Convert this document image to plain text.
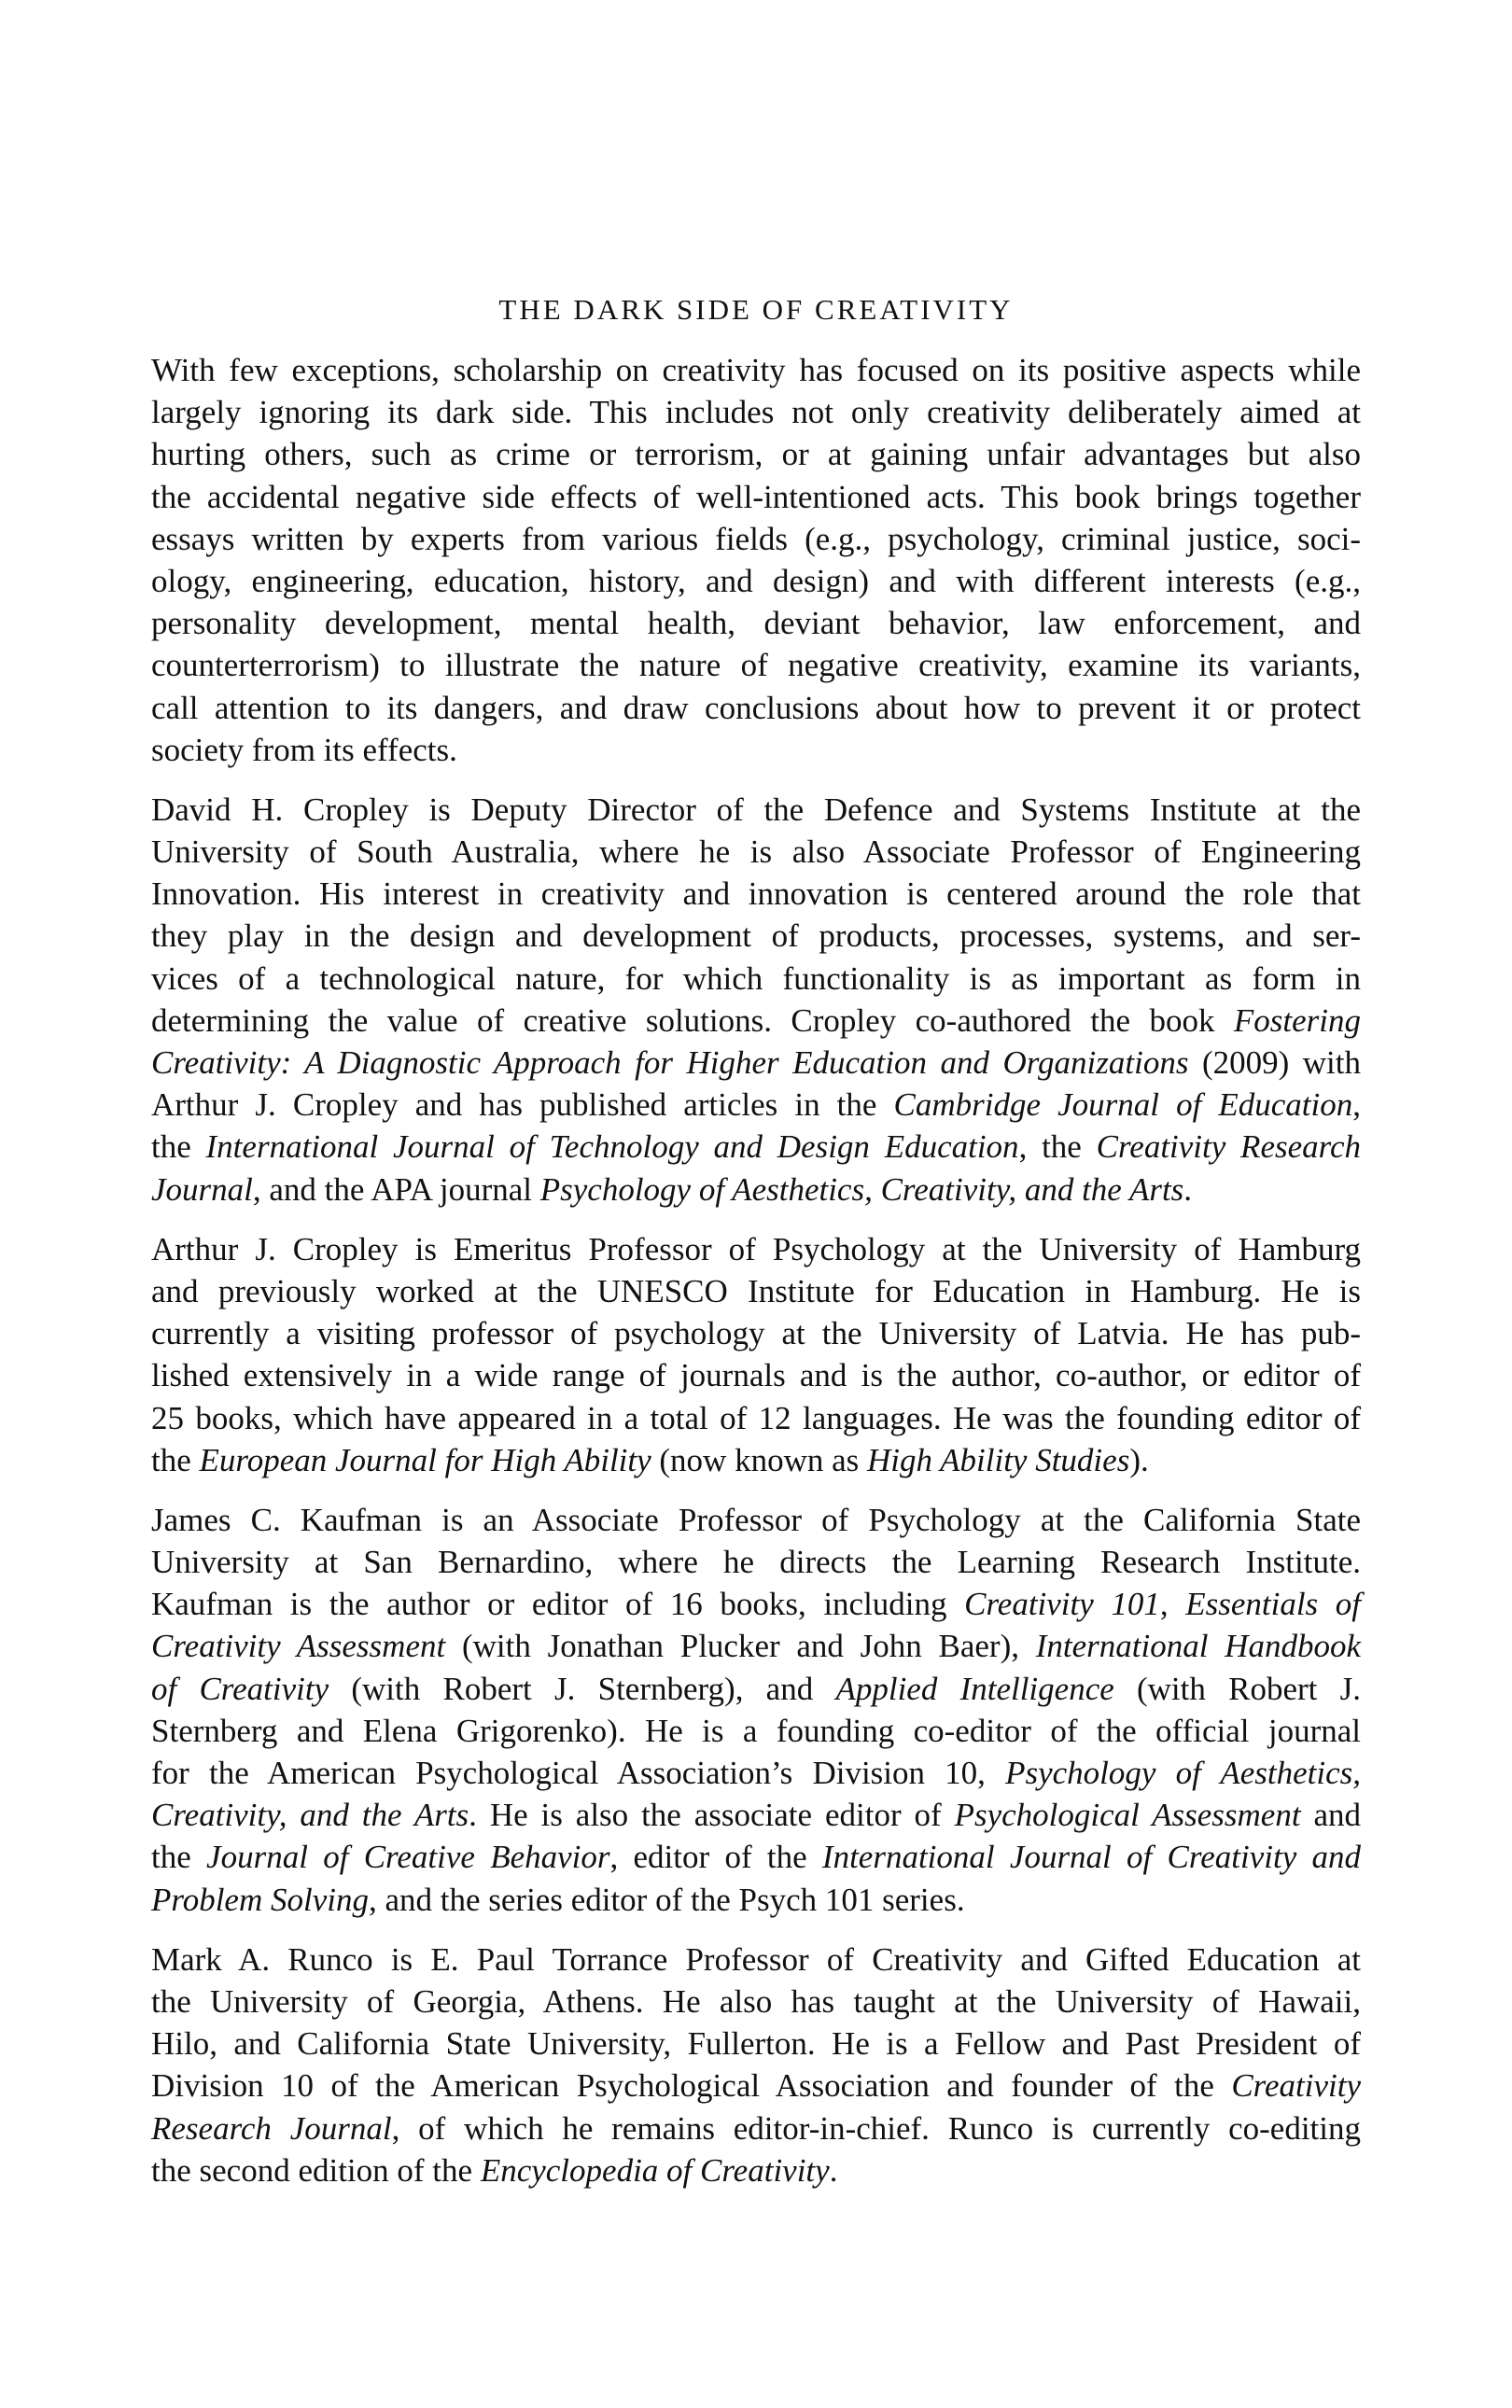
THE DARK SIDE OF CREATIVITY
With few exceptions, scholarship on creativity has focused on its positive aspects while
largely ignoring its dark side. This includes not only creativity deliberately aimed at
hurting others, such as crime or terrorism, or at gaining unfair advantages but also
the accidental negative side effects of well-intentioned acts. This book brings together
essays written by experts from various fields (e.g., psychology, criminal justice, soci-
ology, engineering, education, history, and design) and with different interests (e.g.,
personality development, mental health, deviant behavior, law enforcement, and
counterterrorism) to illustrate the nature of negative creativity, examine its variants,
call attention to its dangers, and draw conclusions about how to prevent it or protect
society from its effects.
David H. Cropley is Deputy Director of the Defence and Systems Institute at the
University of South Australia, where he is also Associate Professor of Engineering
Innovation. His interest in creativity and innovation is centered around the role that
they play in the design and development of products, processes, systems, and ser-
vices of a technological nature, for which functionality is as important as form in
determining the value of creative solutions. Cropley co-authored the book Fostering
Creativity: A Diagnostic Approach for Higher Education and Organizations (2009) with
Arthur J. Cropley and has published articles in the Cambridge Journal of Education,
the International Journal of Technology and Design Education, the Creativity Research
Journal, and the APA journal Psychology of Aesthetics, Creativity, and the Arts.
Arthur J. Cropley is Emeritus Professor of Psychology at the University of Hamburg
and previously worked at the UNESCO Institute for Education in Hamburg. He is
currently a visiting professor of psychology at the University of Latvia. He has pub-
lished extensively in a wide range of journals and is the author, co-author, or editor of
25 books, which have appeared in a total of 12 languages. He was the founding editor of
the European Journal for High Ability (now known as High Ability Studies).
James C. Kaufman is an Associate Professor of Psychology at the California State
University at San Bernardino, where he directs the Learning Research Institute.
Kaufman is the author or editor of 16 books, including Creativity 101, Essentials of
Creativity Assessment (with Jonathan Plucker and John Baer), International Handbook
of Creativity (with Robert J. Sternberg), and Applied Intelligence (with Robert J.
Sternberg and Elena Grigorenko). He is a founding co-editor of the official journal
for the American Psychological Association’s Division 10, Psychology of Aesthetics,
Creativity, and the Arts. He is also the associate editor of Psychological Assessment and
the Journal of Creative Behavior, editor of the International Journal of Creativity and
Problem Solving, and the series editor of the Psych 101 series.
Mark A. Runco is E. Paul Torrance Professor of Creativity and Gifted Education at
the University of Georgia, Athens. He also has taught at the University of Hawaii,
Hilo, and California State University, Fullerton. He is a Fellow and Past President of
Division 10 of the American Psychological Association and founder of the Creativity
Research Journal, of which he remains editor-in-chief. Runco is currently co-editing
the second edition of the Encyclopedia of Creativity.
